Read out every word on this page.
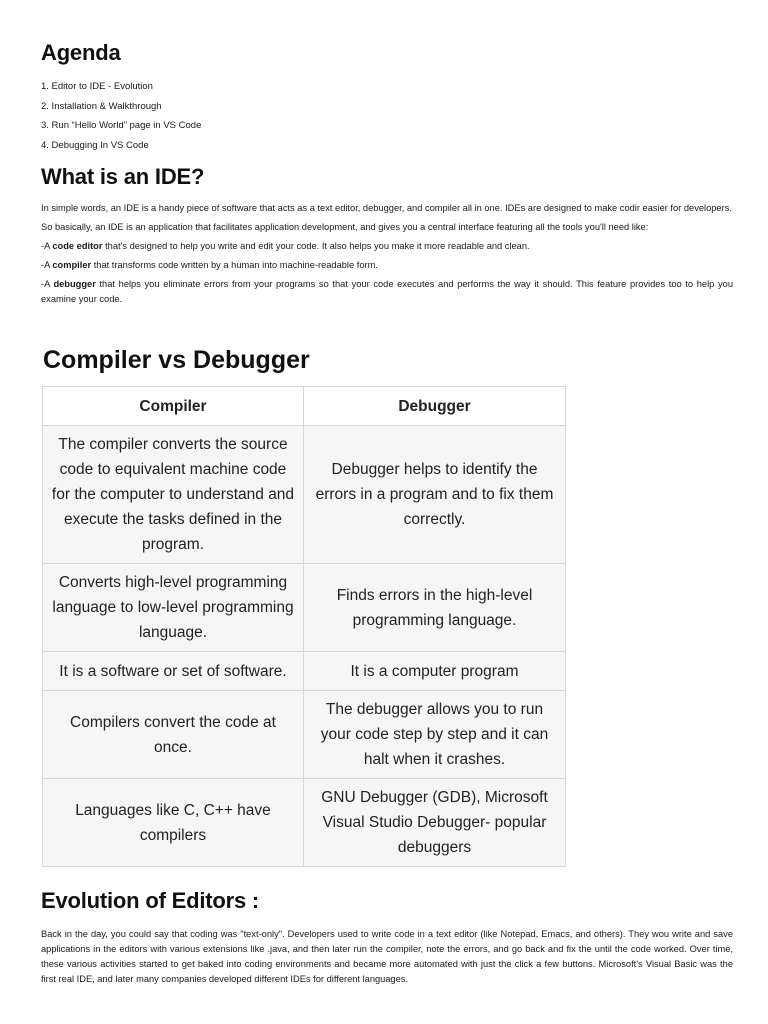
Agenda
1. Editor to IDE - Evolution
2. Installation & Walkthrough
3. Run “Hello World” page in VS Code
4. Debugging In VS Code
What is an IDE?

In simple words, an IDE is a handy piece of software that acts as a text editor, debugger, and compiler all in one. IDEs are designed to make codir easier for developers.

So basically, an IDE is an application that facilitates application development, and gives you a central interface featuring all the tools you'll need like:

-A code editor that's designed to help you write and edit your code. It also helps you make it more readable and clean.

-A compiler that transforms code written by a human into machine-readable form.

-A debugger that helps you eliminate errors from your programs so that your code executes and performs the way it should. This feature provides too to help you examine your code.

Compiler vs Debugger
Compiler	Debugger
The compiler converts the source code to equivalent machine code for the computer to understand and execute the tasks defined in the program.	Debugger helps to identify the errors in a program and to fix them correctly.
Converts high-level programming language to low-level programming language.	Finds errors in the high-level programming language.
It is a software or set of software.	It is a computer program
Compilers convert the code at once.	The debugger allows you to run your code step by step and it can halt when it crashes.
Languages like C, C++ have compilers	GNU Debugger (GDB), Microsoft Visual Studio Debugger- popular debuggers
Evolution of Editors :

Back in the day, you could say that coding was "text-only". Developers used to write code in a text editor (like Notepad, Emacs, and others). They wou write and save applications in the editors with various extensions like .java, and then later run the compiler, note the errors, and go back and fix the until the code worked. Over time, these various activities started to get baked into coding environments and became more automated with just the click a few buttons. Microsoft's Visual Basic was the first real IDE, and later many companies developed different IDEs for different languages.
